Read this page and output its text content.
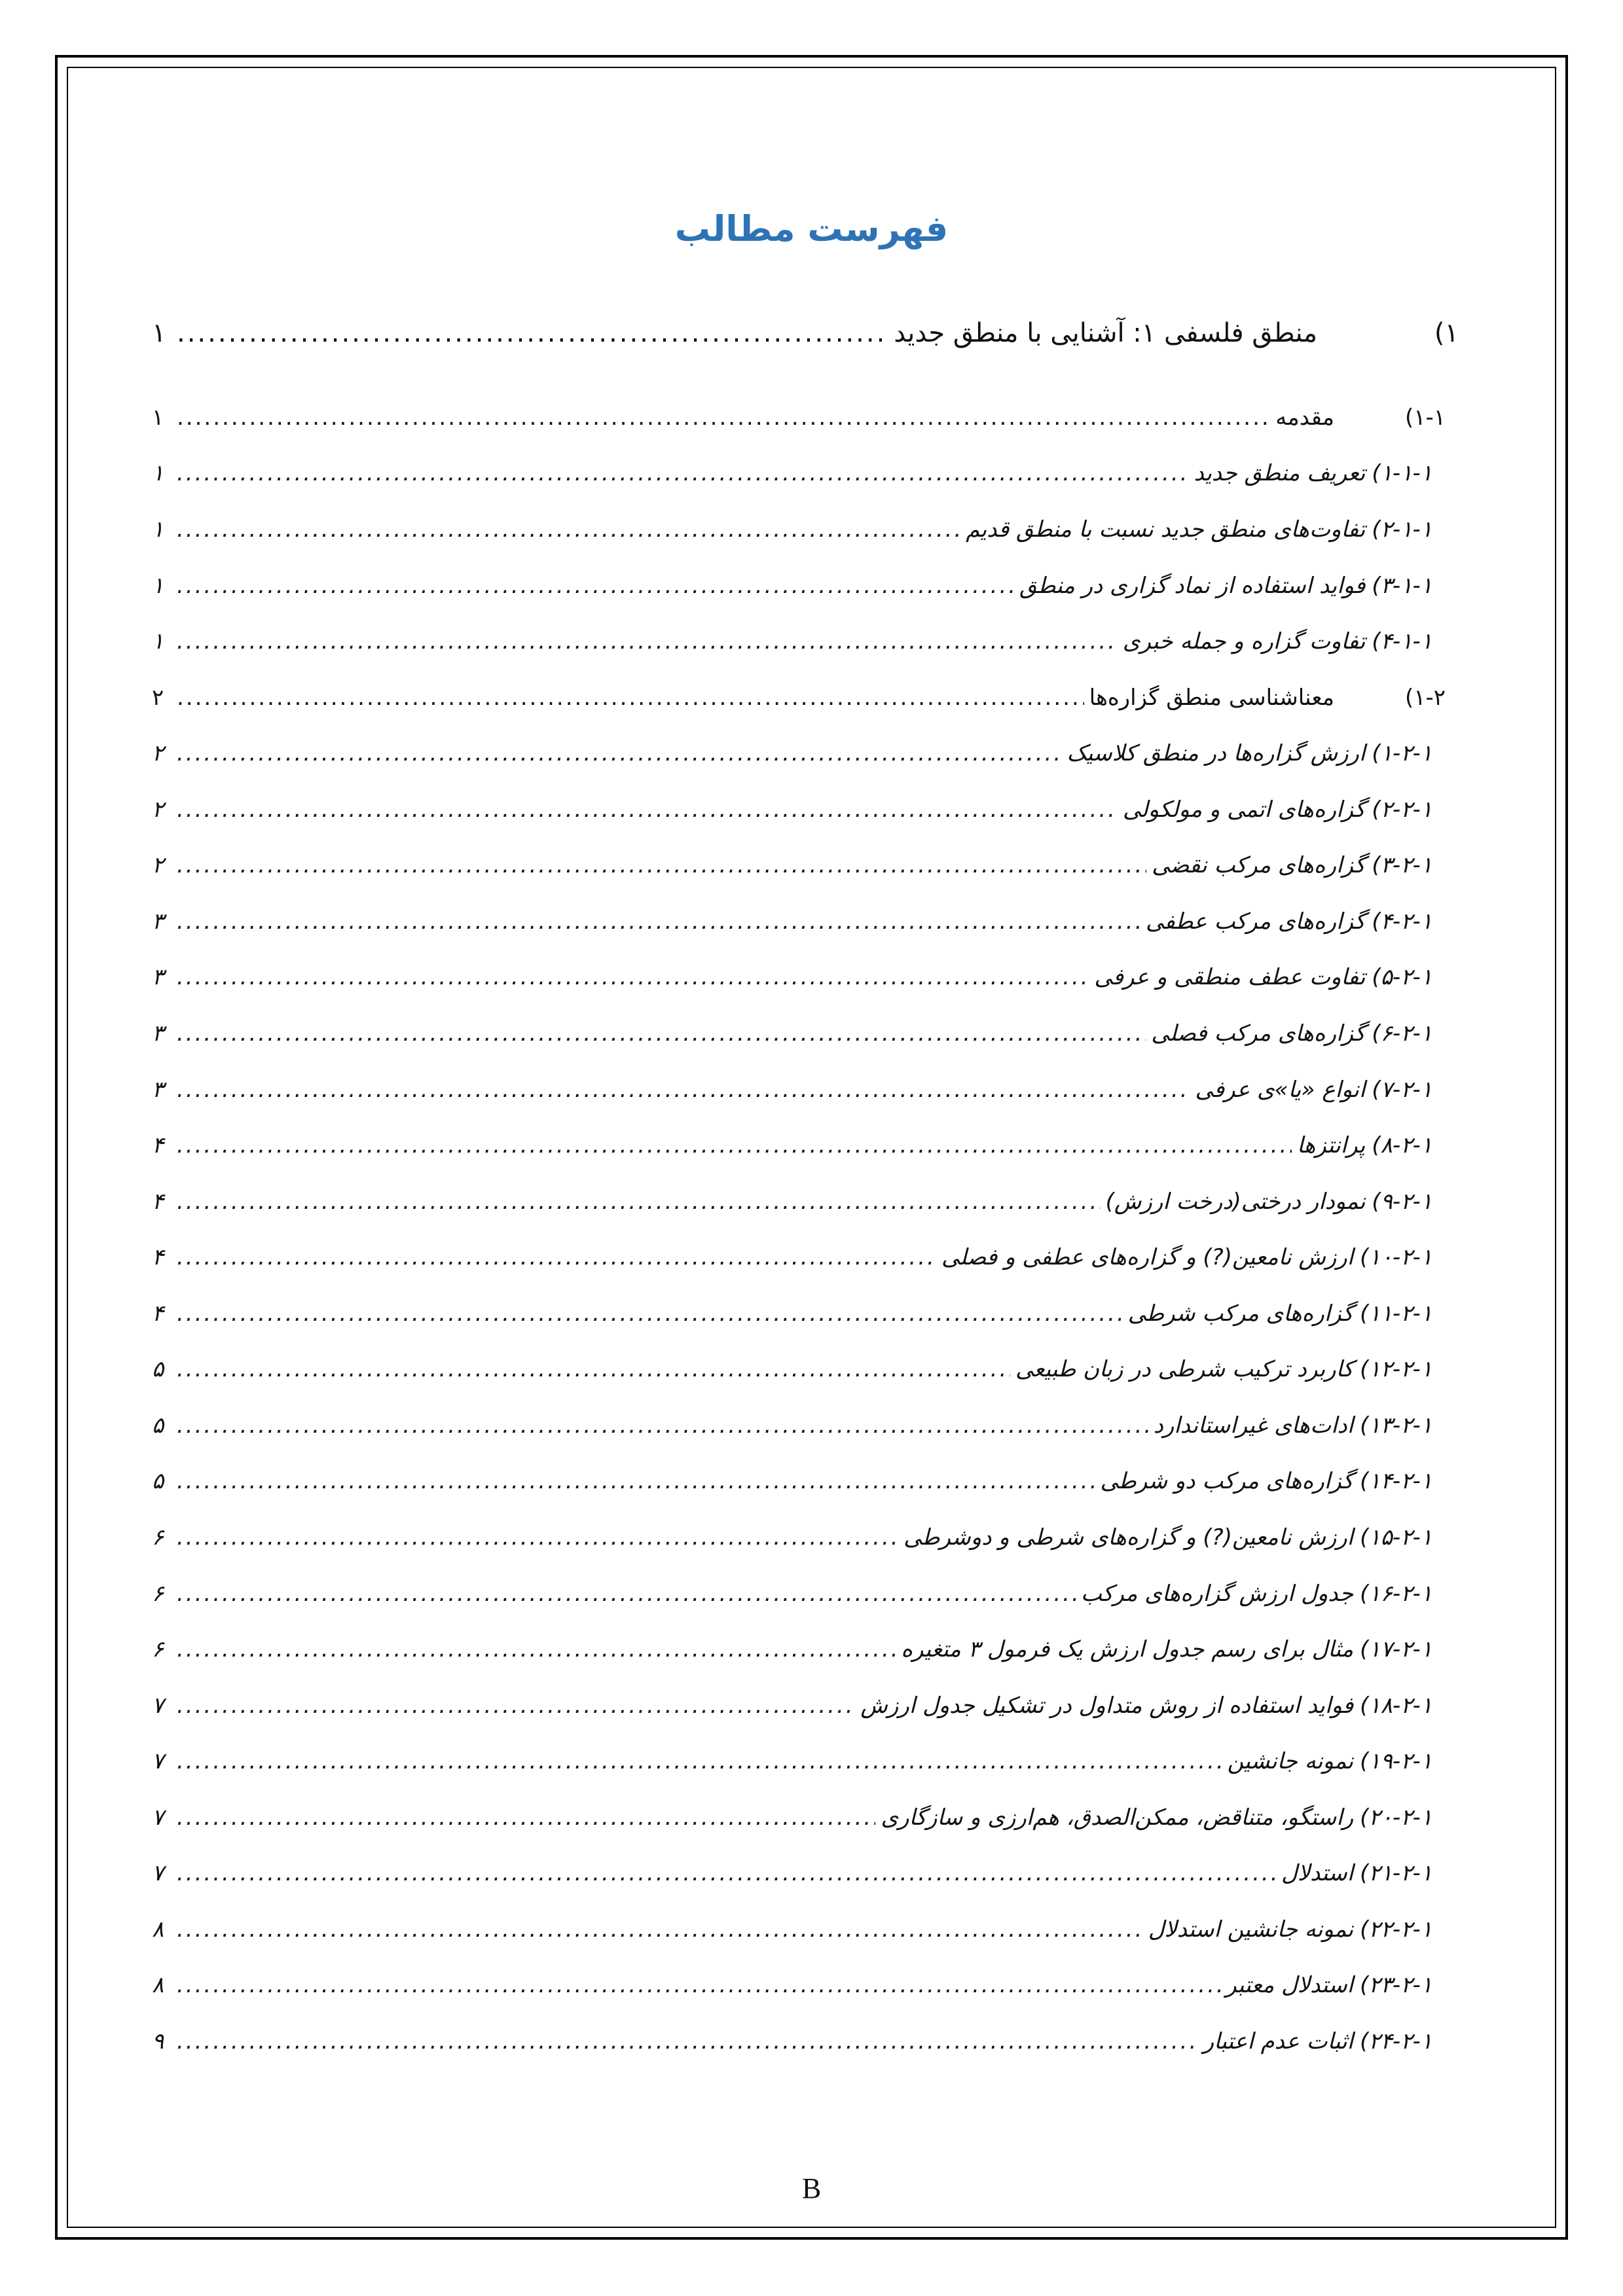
فهرست مطالب
۱)
منطق فلسفی ۱: آشنایی با منطق جدید
.....
۱
۱-۱)
مقدمه
.....
۱
۱-۱-۱)
تعریف منطق جدید
.....
۱
۲-۱-۱)
تفاوت‌های منطق جدید نسبت با منطق قدیم
.....
۱
۳-۱-۱)
فواید استفاده از نماد گزاری در منطق
.....
۱
۴-۱-۱)
تفاوت گزاره و جمله خبری
.....
۱
۱-۲)
معناشناسی منطق گزاره‌ها
.....
۲
۱-۲-۱)
ارزش گزاره‌ها در منطق کلاسیک
.....
۲
۲-۲-۱)
گزاره‌های اتمی و مولکولی
.....
۲
۳-۲-۱)
گزاره‌های مرکب نقضی
.....
۲
۴-۲-۱)
گزاره‌های مرکب عطفی
.....
۳
۵-۲-۱)
تفاوت عطف منطقی و عرفی
.....
۳
۶-۲-۱)
گزاره‌های مرکب فصلی
.....
۳
۷-۲-۱)
انواع «یا»ی عرفی
.....
۳
۸-۲-۱)
پرانتزها
.....
۴
۹-۲-۱)
نمودار درختی(درخت ارزش)
.....
۴
۱۰-۲-۱)
ارزش نامعین(?) و گزاره‌های عطفی و فصلی
.....
۴
۱۱-۲-۱)
گزاره‌های مرکب شرطی
.....
۴
۱۲-۲-۱)
کاربرد ترکیب شرطی در زبان طبیعی
.....
۵
۱۳-۲-۱)
ادات‌های غیراستاندارد
.....
۵
۱۴-۲-۱)
گزاره‌های مرکب دو شرطی
.....
۵
۱۵-۲-۱)
ارزش نامعین(?) و گزاره‌های شرطی و دوشرطی
.....
۶
۱۶-۲-۱)
جدول ارزش گزاره‌های مرکب
.....
۶
۱۷-۲-۱)
مثال برای رسم جدول ارزش یک فرمول ۳ متغیره
.....
۶
۱۸-۲-۱)
فواید استفاده از روش متداول در تشکیل جدول ارزش
.....
۷
۱۹-۲-۱)
نمونه جانشین
.....
۷
۲۰-۲-۱)
راستگو، متناقض، ممکن‌الصدق، هم‌ارزی و سازگاری
.....
۷
۲۱-۲-۱)
استدلال
.....
۷
۲۲-۲-۱)
نمونه جانشین استدلال
.....
۸
۲۳-۲-۱)
استدلال معتبر
.....
۸
۲۴-۲-۱)
اثبات عدم اعتبار
.....
۹
B
